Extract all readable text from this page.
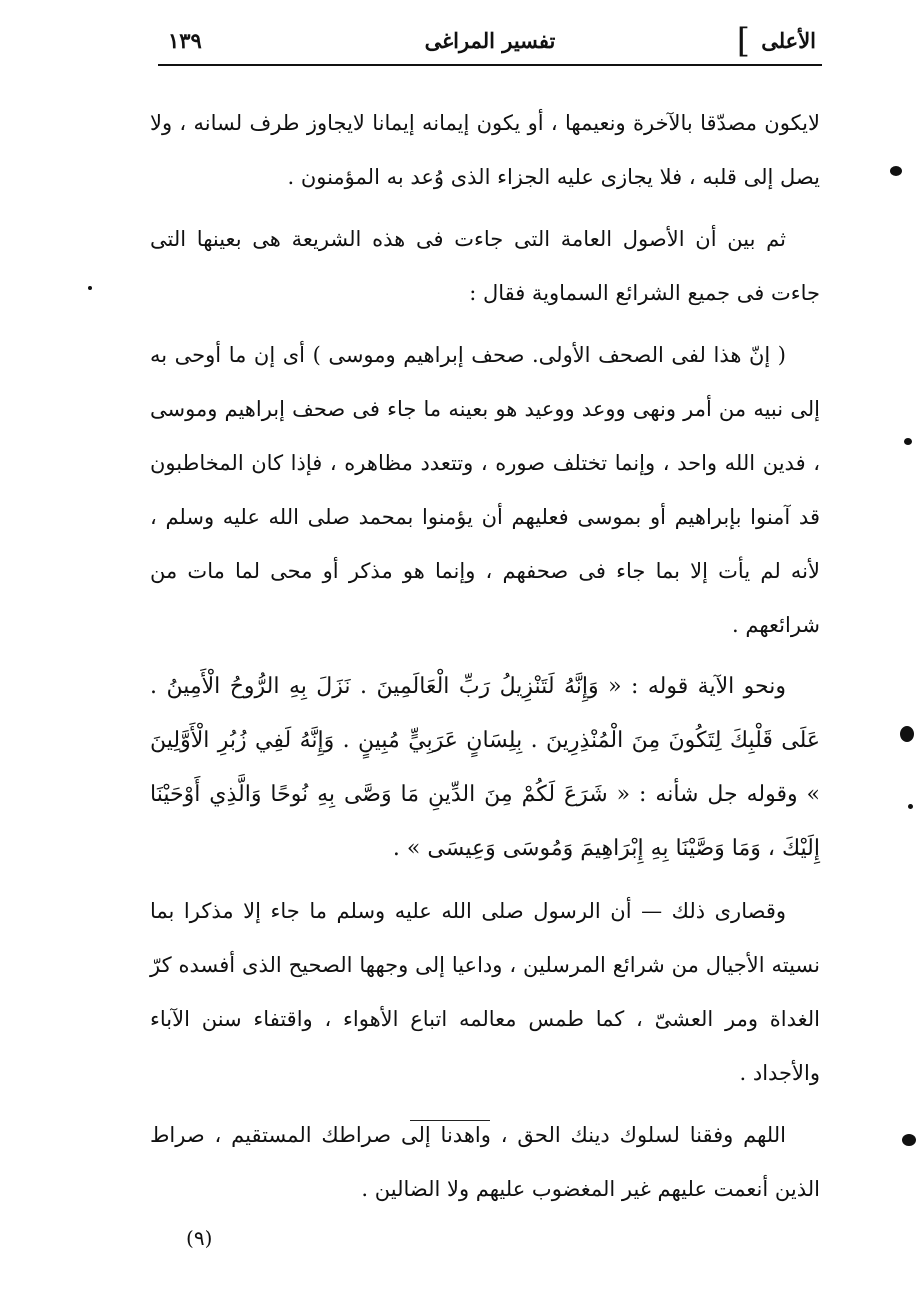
الأعلى
]
تفسير المراغى
١٣٩

لايكون مصدّقا بالآخرة ونعيمها ، أو يكون إيمانه إيمانا لايجاوز طرف لسانه ، ولا يصل إلى قلبه ، فلا يجازى عليه الجزاء الذى وُعد به المؤمنون .

ثم بين أن الأصول العامة التى جاءت فى هذه الشريعة هى بعينها التى جاءت فى جميع الشرائع السماوية فقال :

( إنّ هذا لفى الصحف الأولى. صحف إبراهيم وموسى ) أى إن ما أوحى به إلى نبيه من أمر ونهى ووعد ووعيد هو بعينه ما جاء فى صحف إبراهيم وموسى ، فدين الله واحد ، وإنما تختلف صوره ، وتتعدد مظاهره ، فإذا كان المخاطبون قد آمنوا بإبراهيم أو بموسى فعليهم أن يؤمنوا بمحمد صلى الله عليه وسلم ، لأنه لم يأت إلا بما جاء فى صحفهم ، وإنما هو مذكر أو محى لما مات من شرائعهم .

ونحو الآية قوله : « وَإِنَّهُ لَتَنْزِيلُ رَبِّ الْعَالَمِينَ . نَزَلَ بِهِ الرُّوحُ الْأَمِينُ . عَلَى قَلْبِكَ لِتَكُونَ مِنَ الْمُنْذِرِينَ . بِلِسَانٍ عَرَبِيٍّ مُبِينٍ . وَإِنَّهُ لَفِي زُبُرِ الْأَوَّلِينَ » وقوله جل شأنه : « شَرَعَ لَكُمْ مِنَ الدِّينِ مَا وَصَّى بِهِ نُوحًا وَالَّذِي أَوْحَيْنَا إِلَيْكَ ، وَمَا وَصَّيْنَا بِهِ إِبْرَاهِيمَ وَمُوسَى وَعِيسَى » .

وقصارى ذلك — أن الرسول صلى الله عليه وسلم ما جاء إلا مذكرا بما نسيته الأجيال من شرائع المرسلين ، وداعيا إلى وجهها الصحيح الذى أفسده كرّ الغداة ومر العشىّ ، كما طمس معالمه اتباع الأهواء ، واقتفاء سنن الآباء والأجداد .

اللهم وفقنا لسلوك دينك الحق ، واهدنا إلى صراطك المستقيم ، صراط الذين أنعمت عليهم غير المغضوب عليهم ولا الضالين .

(٩)
